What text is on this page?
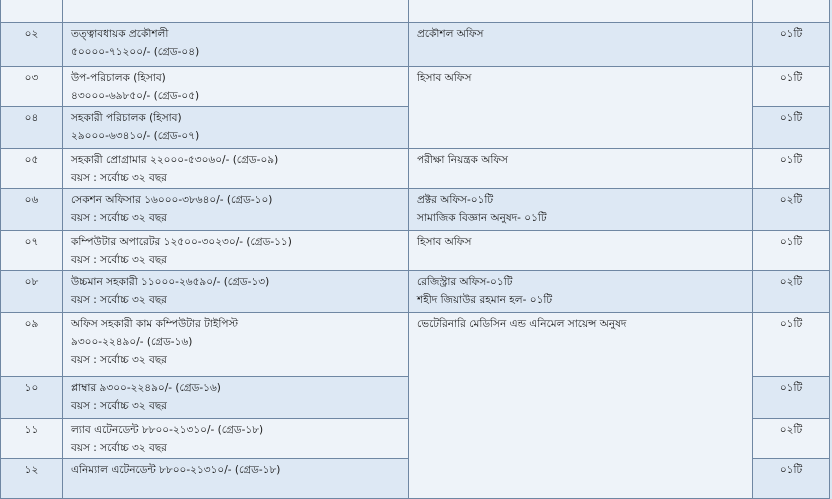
০২	তত্ত্বাবধায়ক প্রকৌশলী
৫০০০০-৭১২০০/- (গ্রেড-০৪)	প্রকৌশল অফিস	০১টি
০৩	উপ-পরিচালক (হিসাব)
৪৩০০০-৬৯৮৫০/- (গ্রেড-০৫)	হিসাব অফিস	০১টি
০৪	সহকারী পরিচালক (হিসাব)
২৯০০০-৬৩৪১০/- (গ্রেড-০৭)		০১টি
০৫	সহকারী প্রোগ্রামার ২২০০০-৫৩০৬০/- (গ্রেড-০৯)
বয়স : সর্বোচ্চ ৩২ বছর	পরীক্ষা নিয়ন্ত্রক অফিস	০১টি
০৬	সেকশন অফিসার ১৬০০০-৩৮৬৪০/- (গ্রেড-১০)
বয়স : সর্বোচ্চ ৩২ বছর	প্রক্টর অফিস-০১টি
সামাজিক বিজ্ঞান অনুষদ- ০১টি	০২টি
০৭	কম্পিউটার অপারেটর ১২৫০০-৩০২৩০/- (গ্রেড-১১)
বয়স : সর্বোচ্চ ৩২ বছর	হিসাব অফিস	০১টি
০৮	উচ্চমান সহকারী ১১০০০-২৬৫৯০/- (গ্রেড-১৩)
বয়স : সর্বোচ্চ ৩২ বছর	রেজিস্ট্রার অফিস-০১টি
শহীদ জিয়াউর রহমান হল- ০১টি	০২টি
০৯	অফিস সহকারী কাম কম্পিউটার টাইপিস্ট
৯৩০০-২২৪৯০/- (গ্রেড-১৬)
বয়স : সর্বোচ্চ ৩২ বছর	ভেটেরিনারি মেডিসিন এন্ড এনিমেল সায়েন্স অনুষদ	০১টি
১০	প্লাম্বার ৯৩০০-২২৪৯০/- (গ্রেড-১৬)
বয়স : সর্বোচ্চ ৩২ বছর		০১টি
১১	ল্যাব এটেনডেন্ট ৮৮০০-২১৩১০/- (গ্রেড-১৮)
বয়স : সর্বোচ্চ ৩২ বছর		০২টি
১২	এনিম্যাল এটেনডেন্ট ৮৮০০-২১৩১০/- (গ্রেড-১৮)		০১টি
